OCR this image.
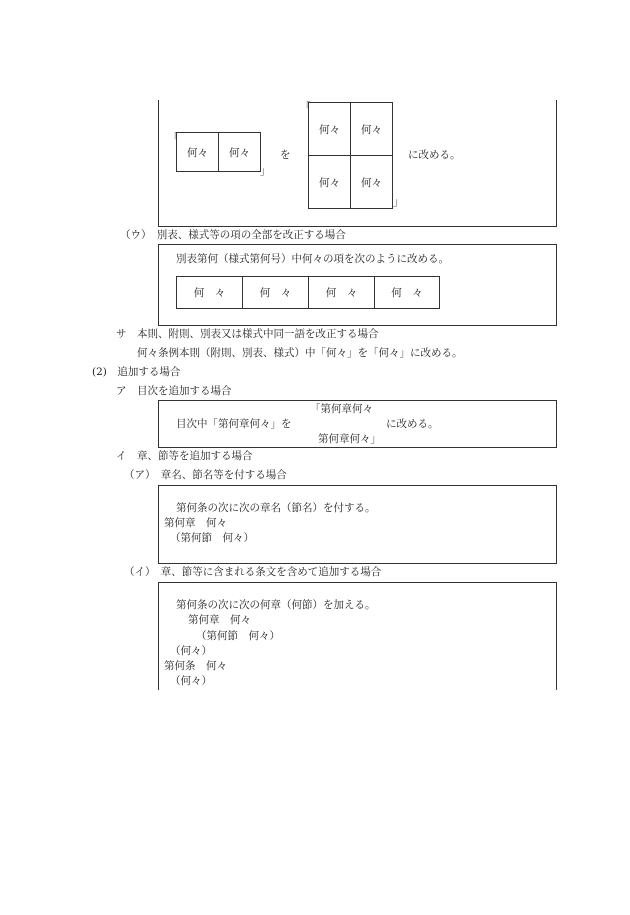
「
何々	何々
」
を
「
何々	何々
何々	何々
」
に改める。
（ウ）　別表、様式等の項の全部を改正する場合
別表第何（様式第何号）中何々の項を次のように改める。
何　々	何　々	何　々	何　々
サ　本則、附則、別表又は様式中同一語を改正する場合
何々条例本則（附則、別表、様式）中「何々」を「何々」に改める。
(2)　追加する場合
ア　目次を追加する場合
「第何章何々
目次中「第何章何々」を	に改める。
第何章何々」
イ　章、節等を追加する場合
（ア）　章名、節名等を付する場合
第何条の次に次の章名（節名）を付する。
第何章　何々
（第何節　何々）
（イ）　章、節等に含まれる条文を含めて追加する場合
第何条の次に次の何章（何節）を加える。
第何章　何々
（第何節　何々）
（何々）
第何条　何々
（何々）
